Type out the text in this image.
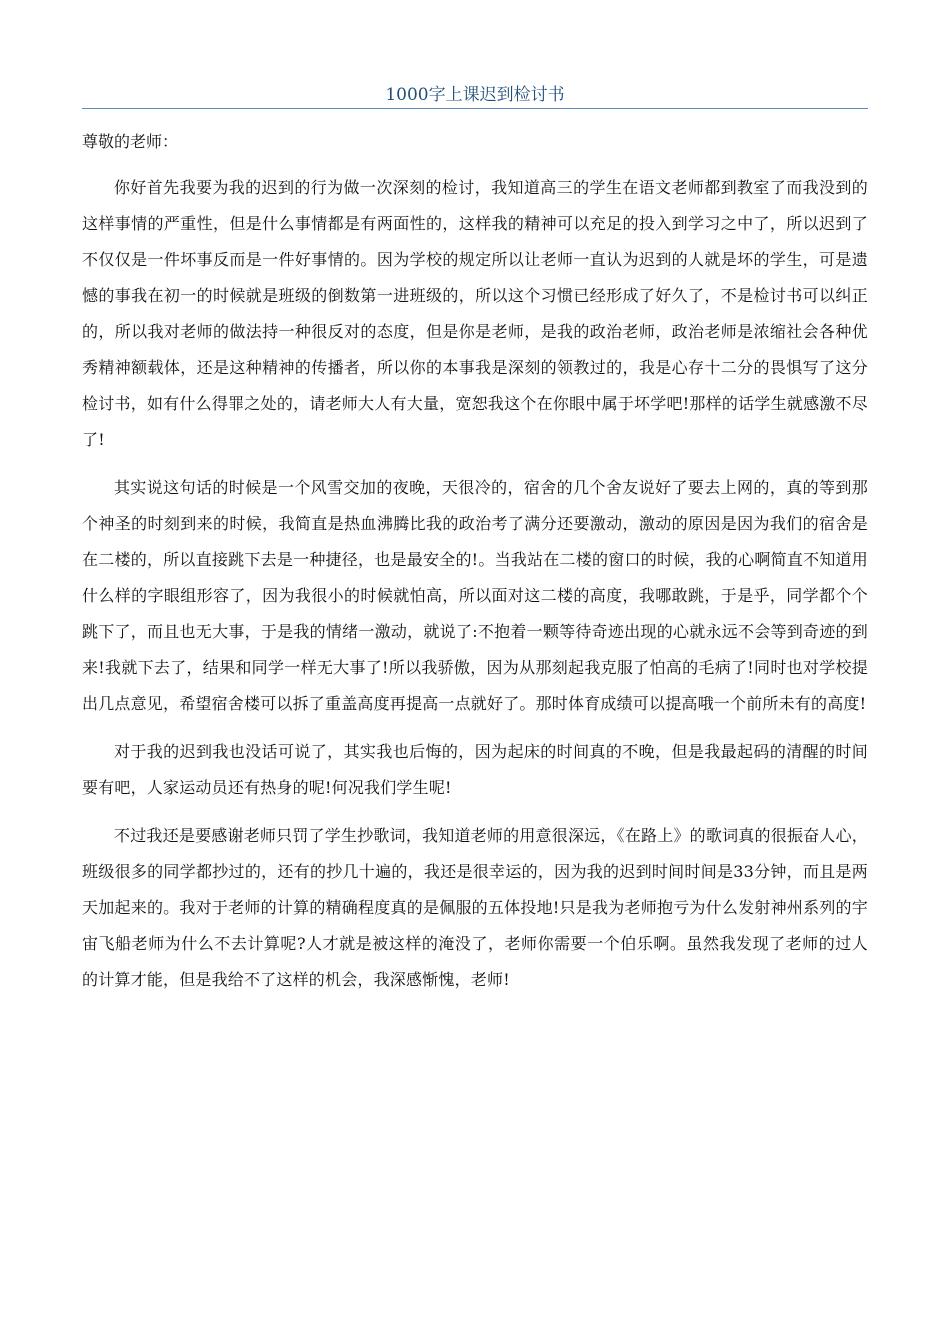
1000字上课迟到检讨书

尊敬的老师：

你好首先我要为我的迟到的行为做一次深刻的检讨，我知道高三的学生在语文老师都到教室了而我没到的这样事情的严重性，但是什么事情都是有两面性的，这样我的精神可以充足的投入到学习之中了，所以迟到了不仅仅是一件坏事反而是一件好事情的。因为学校的规定所以让老师一直认为迟到的人就是坏的学生，可是遗憾的事我在初一的时候就是班级的倒数第一进班级的，所以这个习惯已经形成了好久了，不是检讨书可以纠正的，所以我对老师的做法持一种很反对的态度，但是你是老师，是我的政治老师，政治老师是浓缩社会各种优秀精神额载体，还是这种精神的传播者，所以你的本事我是深刻的领教过的，我是心存十二分的畏惧写了这分检讨书，如有什么得罪之处的，请老师大人有大量，宽恕我这个在你眼中属于坏学吧!那样的话学生就感激不尽了!

其实说这句话的时候是一个风雪交加的夜晚，天很冷的，宿舍的几个舍友说好了要去上网的，真的等到那个神圣的时刻到来的时候，我简直是热血沸腾比我的政治考了满分还要激动，激动的原因是因为我们的宿舍是在二楼的，所以直接跳下去是一种捷径，也是最安全的!。当我站在二楼的窗口的时候，我的心啊简直不知道用什么样的字眼组形容了，因为我很小的时候就怕高，所以面对这二楼的高度，我哪敢跳，于是乎，同学都个个跳下了，而且也无大事，于是我的情绪一激动，就说了:不抱着一颗等待奇迹出现的心就永远不会等到奇迹的到来!我就下去了，结果和同学一样无大事了!所以我骄傲，因为从那刻起我克服了怕高的毛病了!同时也对学校提出几点意见，希望宿舍楼可以拆了重盖高度再提高一点就好了。那时体育成绩可以提高哦一个前所未有的高度!

对于我的迟到我也没话可说了，其实我也后悔的，因为起床的时间真的不晚，但是我最起码的清醒的时间要有吧，人家运动员还有热身的呢!何况我们学生呢!

不过我还是要感谢老师只罚了学生抄歌词，我知道老师的用意很深远，《在路上》的歌词真的很振奋人心，班级很多的同学都抄过的，还有的抄几十遍的，我还是很幸运的，因为我的迟到时间时间是33分钟，而且是两天加起来的。我对于老师的计算的精确程度真的是佩服的五体投地!只是我为老师抱亏为什么发射神州系列的宇宙飞船老师为什么不去计算呢?人才就是被这样的淹没了，老师你需要一个伯乐啊。虽然我发现了老师的过人的计算才能，但是我给不了这样的机会，我深感惭愧，老师!
